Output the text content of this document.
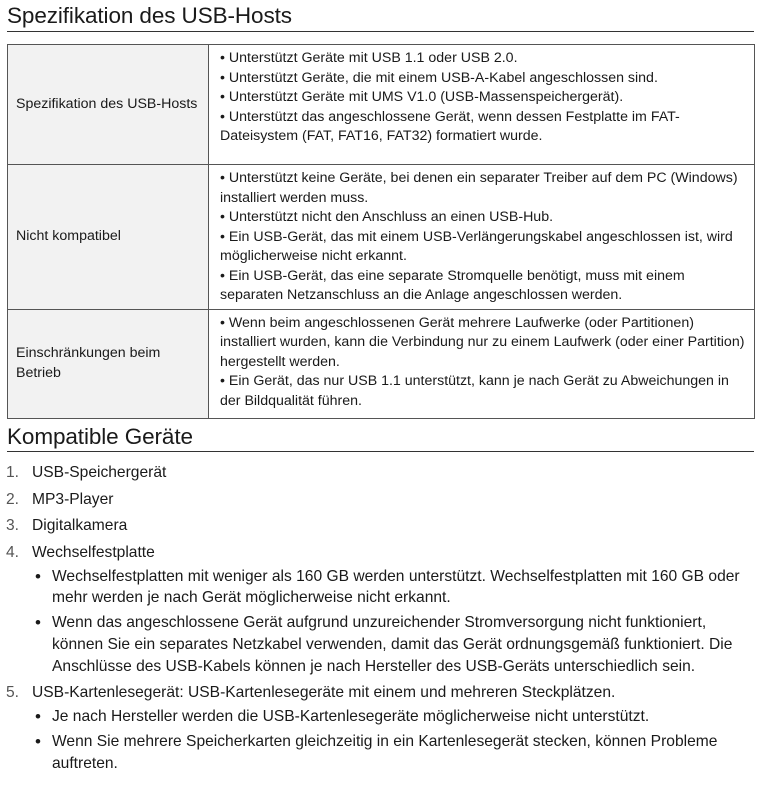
Spezifikation des USB-Hosts
Spezifikation des USB-Hosts	• Unterstützt Geräte mit USB 1.1 oder USB 2.0.
• Unterstützt Geräte, die mit einem USB-A-Kabel angeschlossen sind.
• Unterstützt Geräte mit UMS V1.0 (USB-Massenspeichergerät).
• Unterstützt das angeschlossene Gerät, wenn dessen Festplatte im FAT-Dateisystem (FAT, FAT16, FAT32) formatiert wurde.

Nicht kompatibel	• Unterstützt keine Geräte, bei denen ein separater Treiber auf dem PC (Windows) installiert werden muss.
• Unterstützt nicht den Anschluss an einen USB-Hub.
• Ein USB-Gerät, das mit einem USB-Verlängerungskabel angeschlossen ist, wird möglicherweise nicht erkannt.
• Ein USB-Gerät, das eine separate Stromquelle benötigt, muss mit einem separaten Netzanschluss an die Anlage angeschlossen werden.

Einschränkungen beim Betrieb	• Wenn beim angeschlossenen Gerät mehrere Laufwerke (oder Partitionen) installiert wurden, kann die Verbindung nur zu einem Laufwerk (oder einer Partition) hergestellt werden.
• Ein Gerät, das nur USB 1.1 unterstützt, kann je nach Gerät zu Abweichungen in der Bildqualität führen.
Kompatible Geräte
1. USB-Speichergerät
2. MP3-Player
3. Digitalkamera
4. Wechselfestplatte
• Wechselfestplatten mit weniger als 160 GB werden unterstützt. Wechselfestplatten mit 160 GB oder mehr werden je nach Gerät möglicherweise nicht erkannt.
• Wenn das angeschlossene Gerät aufgrund unzureichender Stromversorgung nicht funktioniert, können Sie ein separates Netzkabel verwenden, damit das Gerät ordnungsgemäß funktioniert. Die Anschlüsse des USB-Kabels können je nach Hersteller des USB-Geräts unterschiedlich sein.
5. USB-Kartenlesegerät: USB-Kartenlesegeräte mit einem und mehreren Steckplätzen.
• Je nach Hersteller werden die USB-Kartenlesegeräte möglicherweise nicht unterstützt.
• Wenn Sie mehrere Speicherkarten gleichzeitig in ein Kartenlesegerät stecken, können Probleme auftreten.
